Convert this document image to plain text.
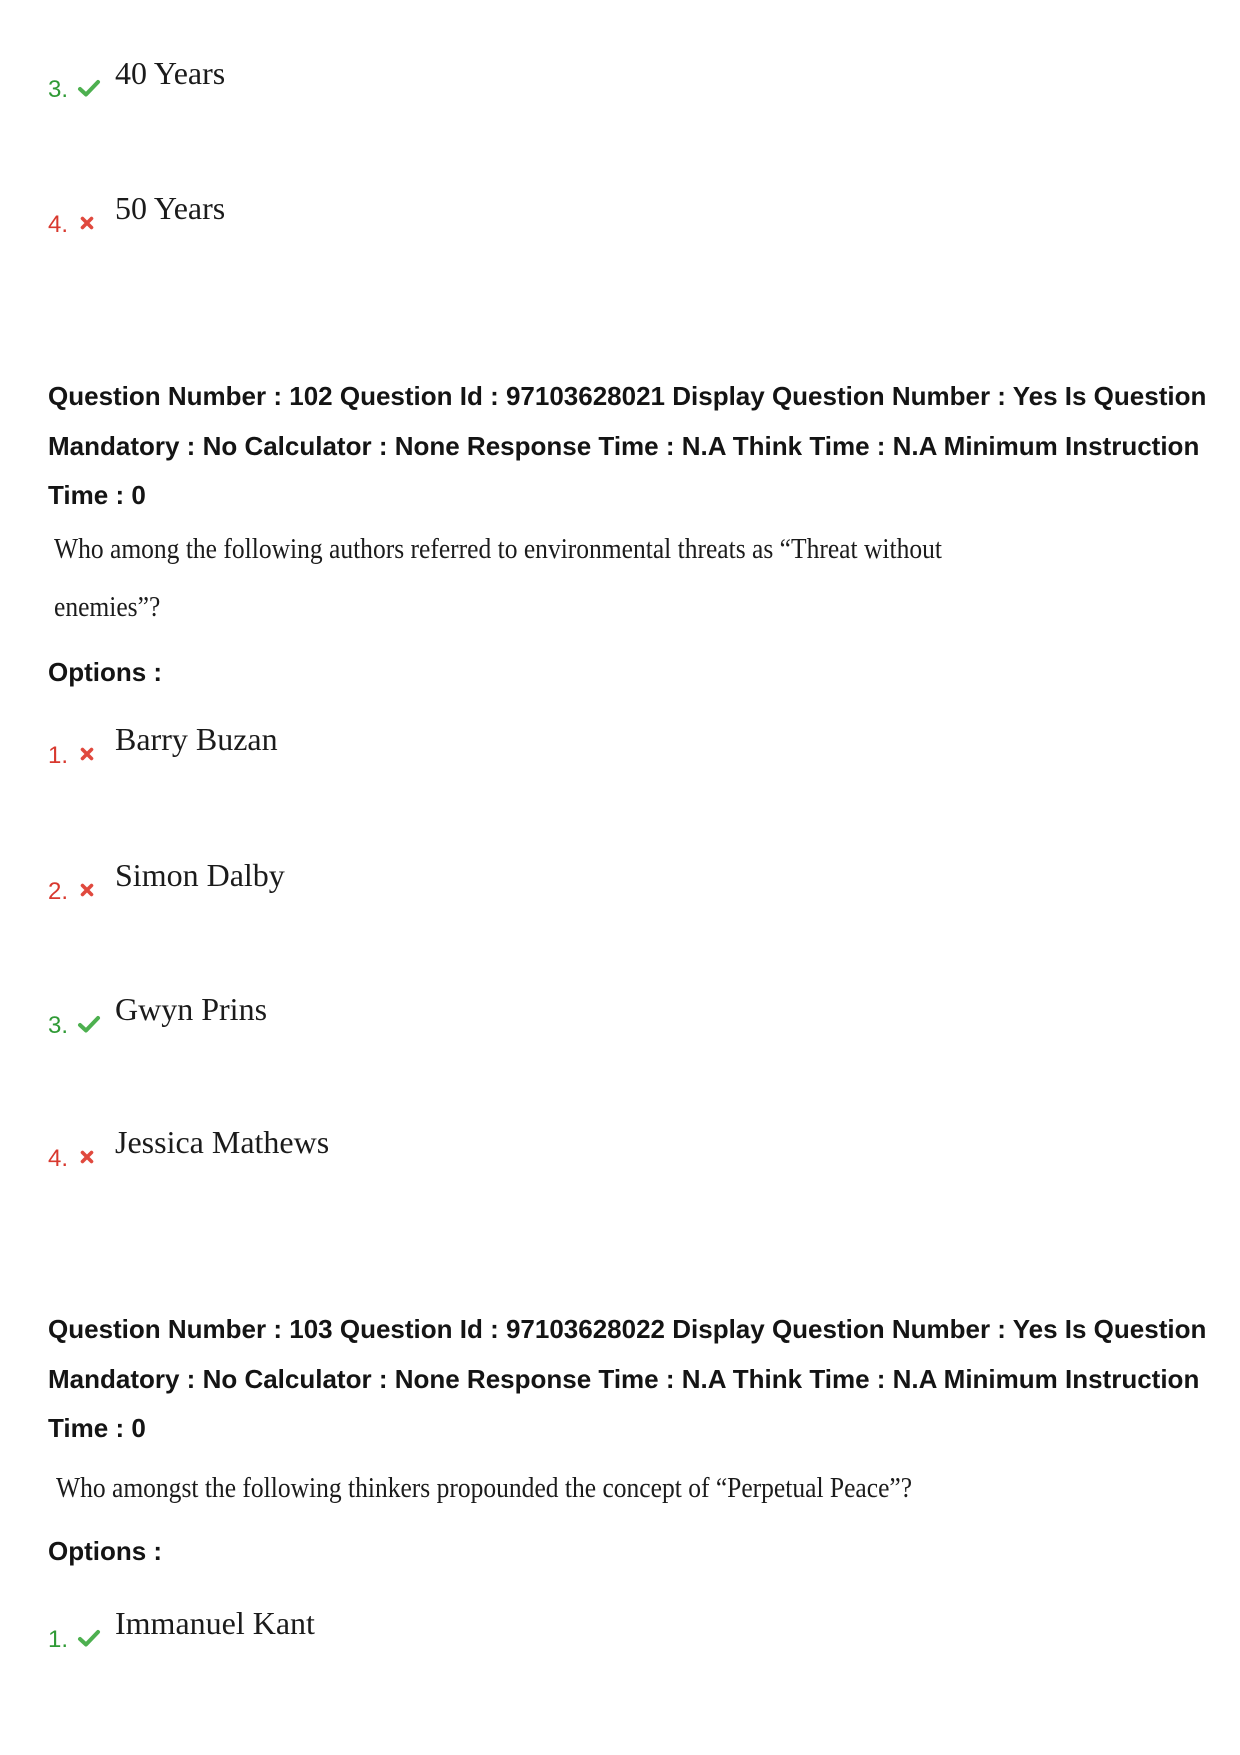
3. 40 Years
4. 50 Years
Question Number : 102 Question Id : 97103628021 Display Question Number : Yes Is Question
Mandatory : No Calculator : None Response Time : N.A Think Time : N.A Minimum Instruction
Time : 0
Who among the following authors referred to environmental threats as “Threat without
enemies”?
Options :
1. Barry Buzan
2. Simon Dalby
3. Gwyn Prins
4. Jessica Mathews
Question Number : 103 Question Id : 97103628022 Display Question Number : Yes Is Question
Mandatory : No Calculator : None Response Time : N.A Think Time : N.A Minimum Instruction
Time : 0
Who amongst the following thinkers propounded the concept of “Perpetual Peace”?
Options :
1. Immanuel Kant
